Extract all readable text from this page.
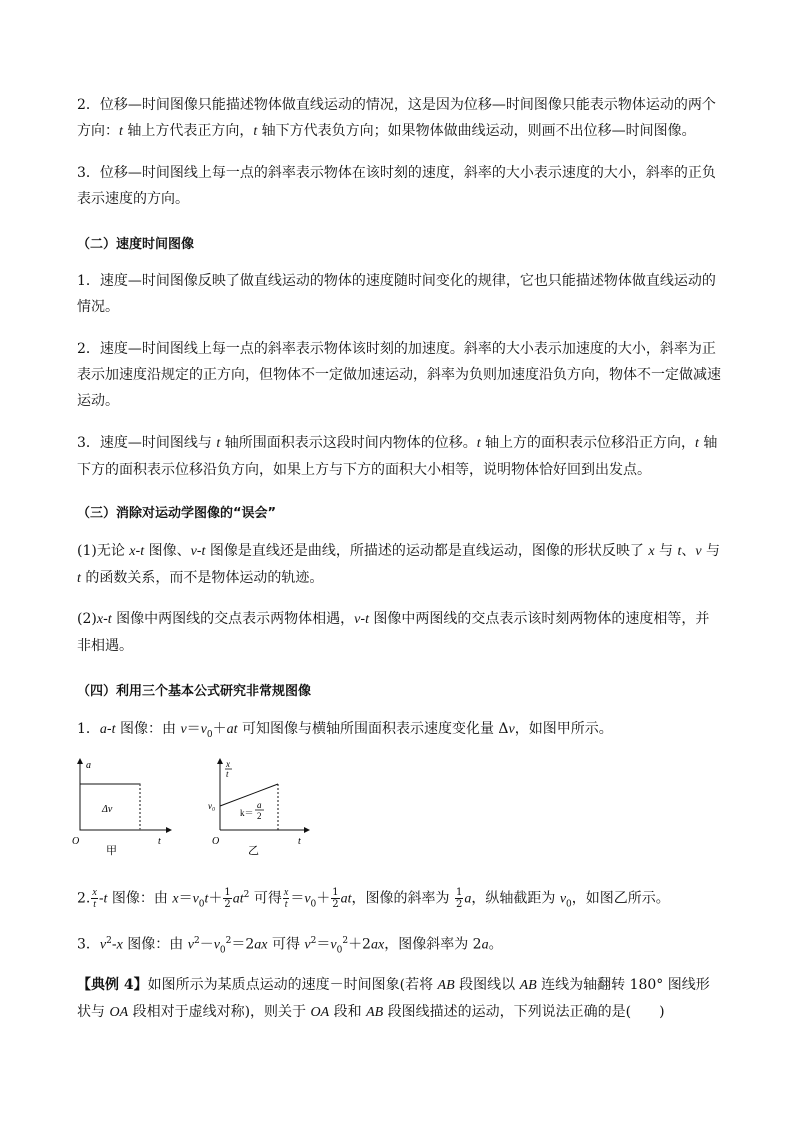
2．位移—时间图像只能描述物体做直线运动的情况，这是因为位移—时间图像只能表示物体运动的两个方向：t 轴上方代表正方向，t 轴下方代表负方向；如果物体做曲线运动，则画不出位移—时间图像。

3．位移—时间图线上每一点的斜率表示物体在该时刻的速度，斜率的大小表示速度的大小，斜率的正负表示速度的方向。

（二）速度时间图像

1．速度—时间图像反映了做直线运动的物体的速度随时间变化的规律，它也只能描述物体做直线运动的情况。

2．速度—时间图线上每一点的斜率表示物体该时刻的加速度。斜率的大小表示加速度的大小，斜率为正表示加速度沿规定的正方向，但物体不一定做加速运动，斜率为负则加速度沿负方向，物体不一定做减速运动。

3．速度—时间图线与 t 轴所围面积表示这段时间内物体的位移。t 轴上方的面积表示位移沿正方向，t 轴下方的面积表示位移沿负方向，如果上方与下方的面积大小相等，说明物体恰好回到出发点。

（三）消除对运动学图像的“误会”

(1)无论 x-t 图像、v-t 图像是直线还是曲线，所描述的运动都是直线运动，图像的形状反映了 x 与 t、v 与 t 的函数关系，而不是物体运动的轨迹。

(2)x-t 图像中两图线的交点表示两物体相遇，v-t 图像中两图线的交点表示该时刻两物体的速度相等，并非相遇。

（四）利用三个基本公式研究非常规图像

1．a-t 图像：由 $v=v_0+at$ 可知图像与横轴所围面积表示速度变化量 Δv，如图甲所示。

a
t
O
Δv
甲
x
t
v₀
k＝
a
2
t
O
乙

2. $\frac{x}{t} -t$ 图像：由 $x=v_0t+ \frac{1}{2} at^2$ 可得 $\frac{x}{t} =v_0+ \frac{1}{2}$ at，图像的斜率为 $\frac{1}{2}$ a，纵轴截距为 $v_0$，如图乙所示。

3．$v^2-x$ 图像：由 $v^2-v_0^2=2ax$ 可得 $v^2=v_0^2+2ax$，图像斜率为 2a。

【典例 4】如图所示为某质点运动的速度－时间图象(若将 AB 段图线以 AB 连线为轴翻转 180° 图线形状与 OA 段相对于虚线对称)，则关于 OA 段和 AB 段图线描述的运动，下列说法正确的是(　　)
